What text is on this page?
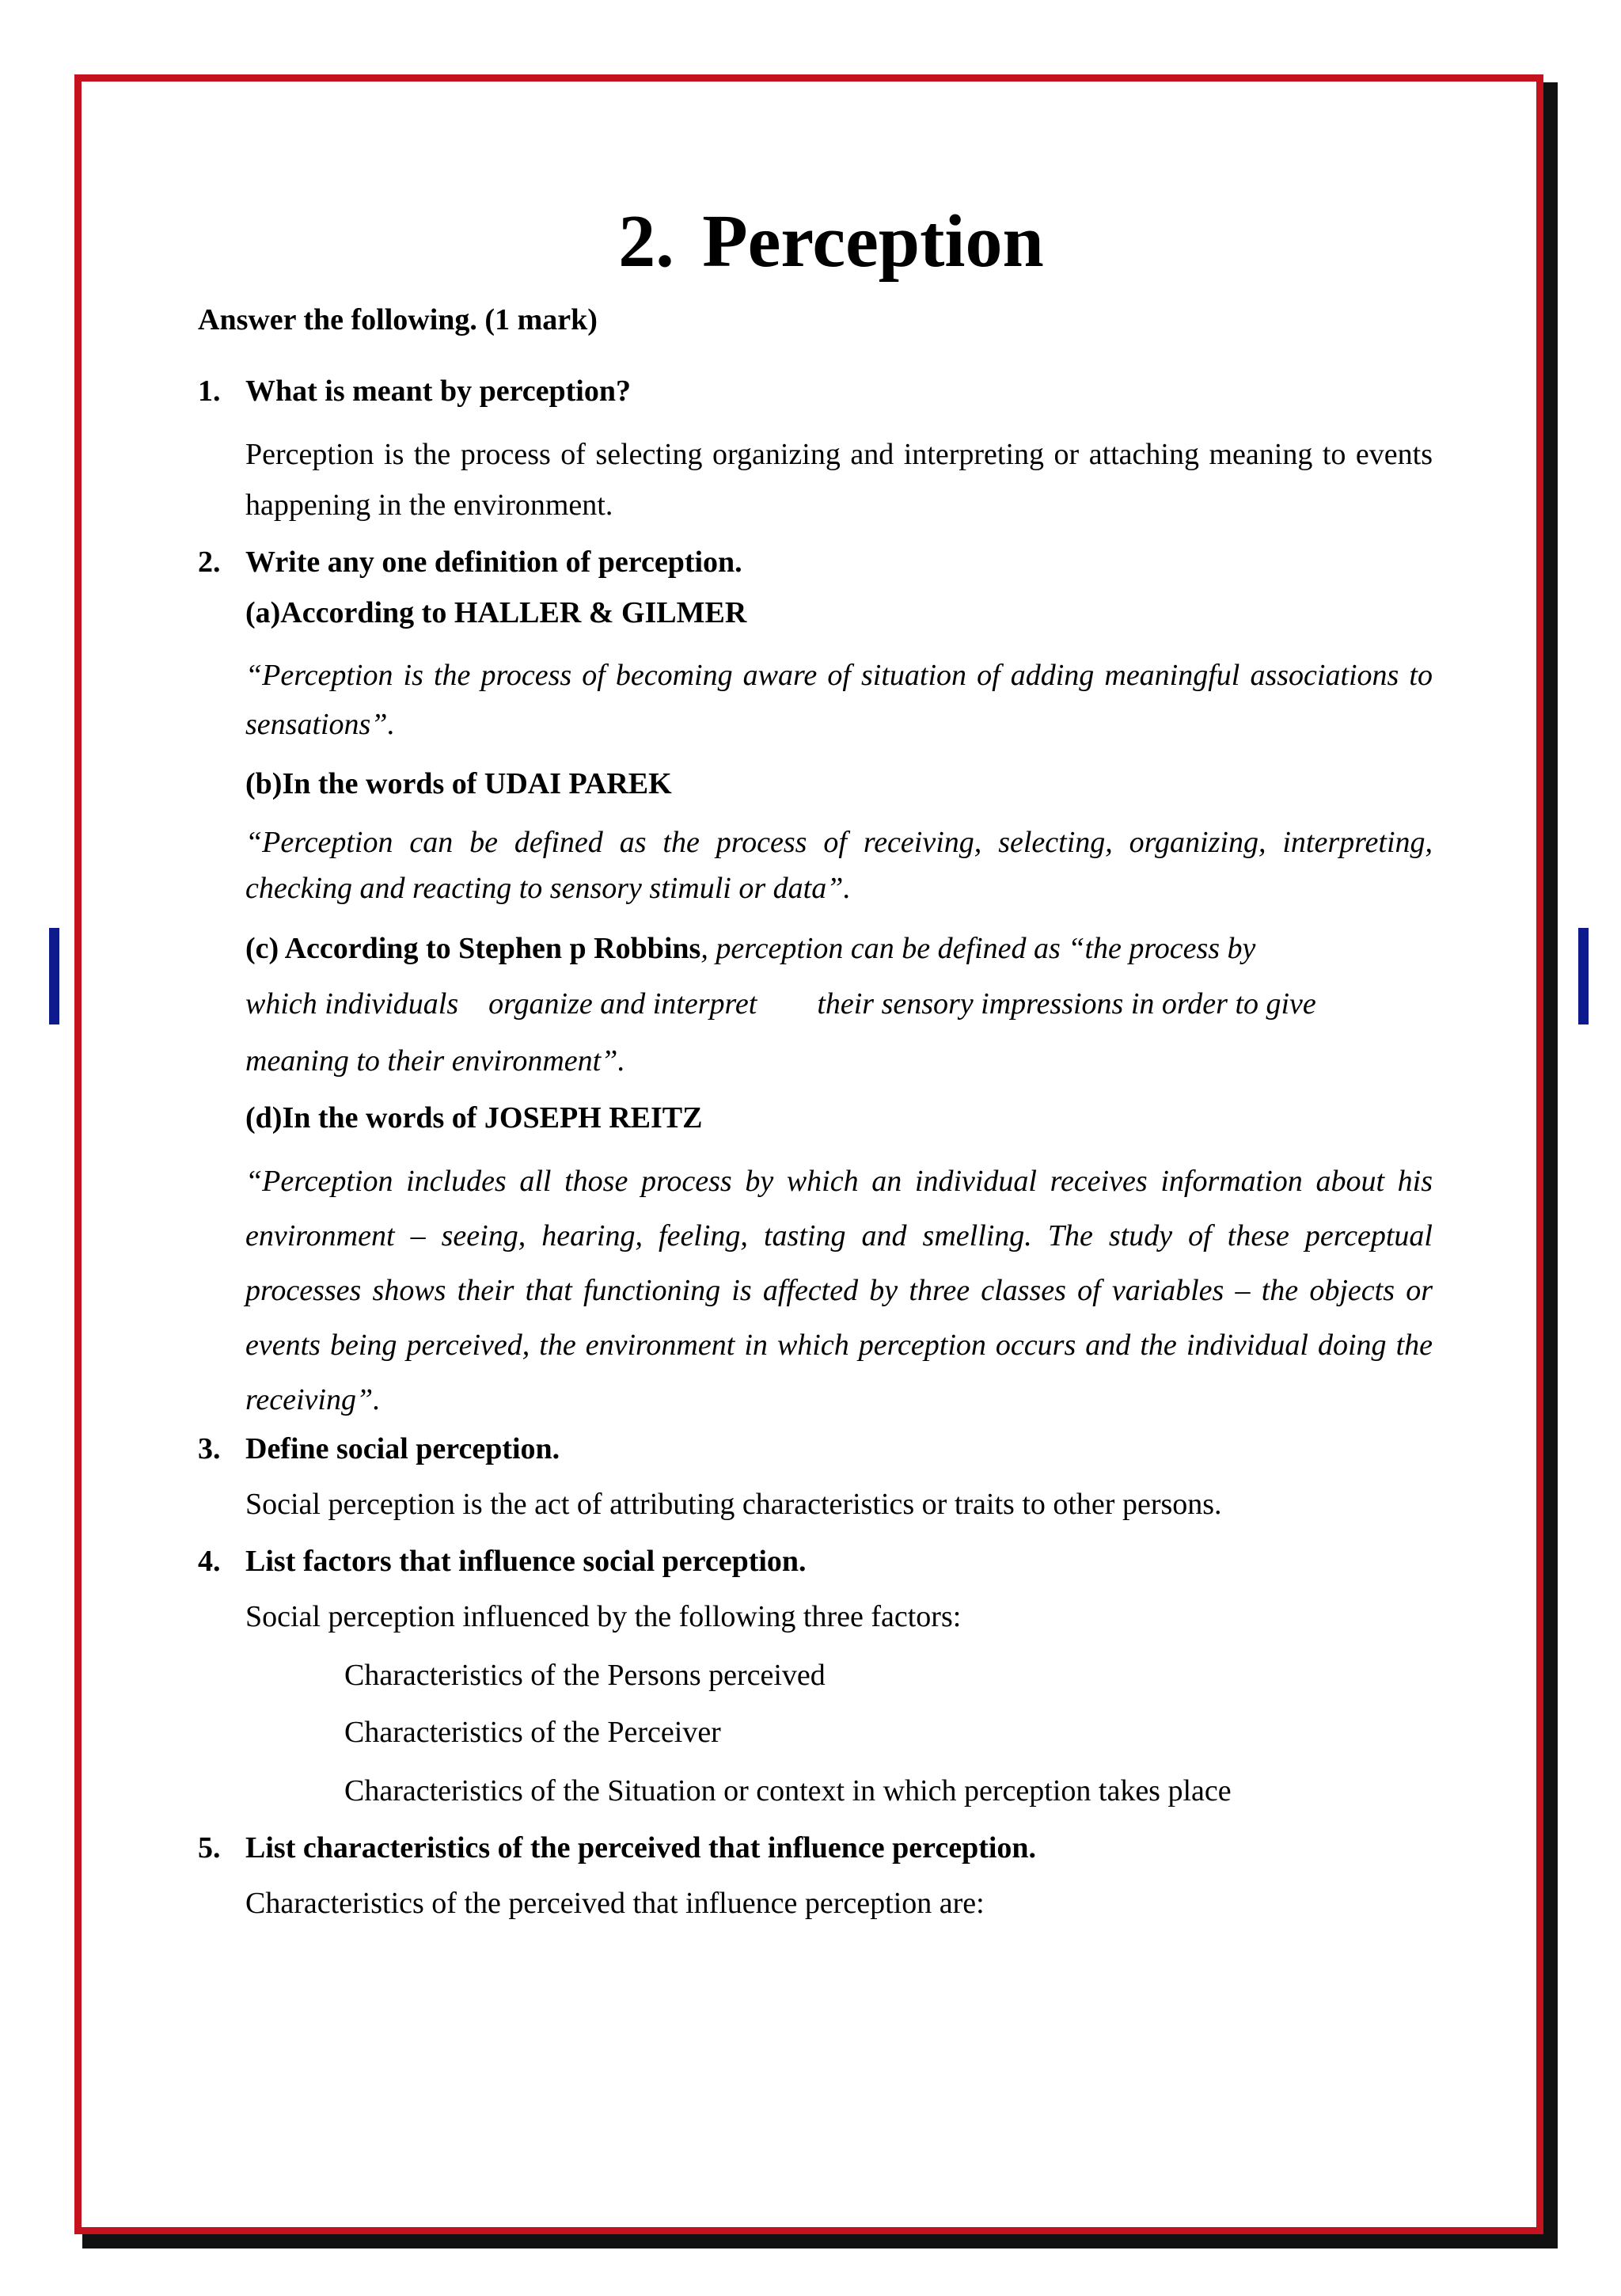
2. Perception
Answer the following. (1 mark)
1. What is meant by perception?
Perception is the process of selecting organizing and interpreting or attaching meaning to events happening in the environment.
2. Write any one definition of perception.
(a)According to HALLER & GILMER
“Perception is the process of becoming aware of situation of adding meaningful associations to sensations”.
(b)In the words of UDAI PAREK
“Perception can be defined as the process of receiving, selecting, organizing, interpreting, checking and reacting to sensory stimuli or data”.
(c) According to Stephen p Robbins, perception can be defined as “the process by
which individuals    organize and interpret        their sensory impressions in order to give
meaning to their environment”.
(d)In the words of JOSEPH REITZ
“Perception includes all those process by which an individual receives information about his environment – seeing, hearing, feeling, tasting and smelling. The study of these perceptual processes shows their that functioning is affected by three classes of variables – the objects or events being perceived, the environment in which perception occurs and the individual doing the receiving”.
3. Define social perception.
Social perception is the act of attributing characteristics or traits to other persons.
4. List factors that influence social perception.
Social perception influenced by the following three factors:
Characteristics of the Persons perceived
Characteristics of the Perceiver
Characteristics of the Situation or context in which perception takes place
5. List characteristics of the perceived that influence perception.
Characteristics of the perceived that influence perception are:
